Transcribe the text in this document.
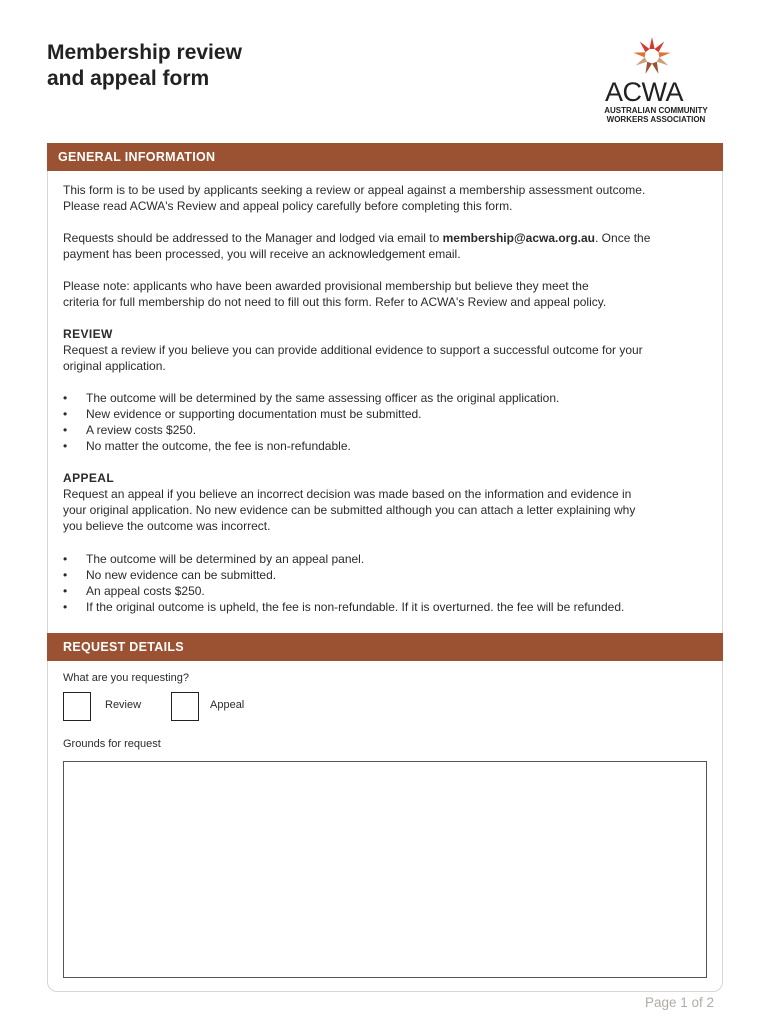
Membership review
and appeal form	ACWA
AUSTRALIAN COMMUNITY
WORKERS ASSOCIATION
GENERAL INFORMATION

This form is to be used by applicants seeking a review or appeal against a membership assessment outcome.

Please read ACWA's Review and appeal policy carefully before completing this form.

Requests should be addressed to the Manager and lodged via email to membership@acwa.org.au. Once the

payment has been processed, you will receive an acknowledgement email.

Please note: applicants who have been awarded provisional membership but believe they meet the

criteria for full membership do not need to fill out this form. Refer to ACWA's Review and appeal policy.

REVIEW

Request a review if you believe you can provide additional evidence to support a successful outcome for your

original application.

• The outcome will be determined by the same assessing officer as the original application.
• New evidence or supporting documentation must be submitted.
• A review costs $250.
• No matter the outcome, the fee is non-refundable.

APPEAL

Request an appeal if you believe an incorrect decision was made based on the information and evidence in

your original application. No new evidence can be submitted although you can attach a letter explaining why

you believe the outcome was incorrect.

• The outcome will be determined by an appeal panel.
• No new evidence can be submitted.
• An appeal costs $250.
• If the original outcome is upheld, the fee is non-refundable. If it is overturned. the fee will be refunded.
REQUEST DETAILS
What are you requesting?
Review	Appeal
Grounds for request
Page 1 of 2
